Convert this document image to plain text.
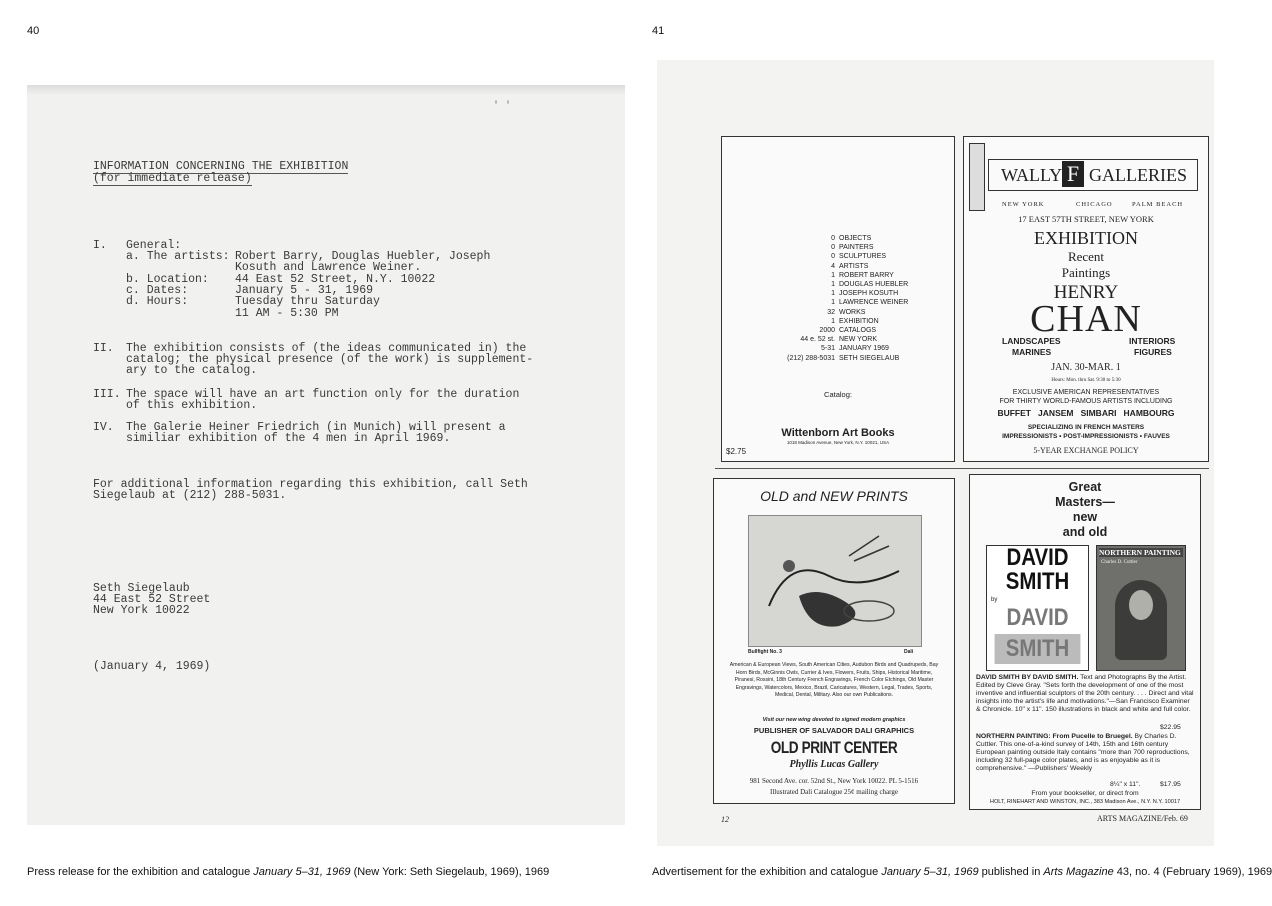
40	41
' '
INFORMATION CONCERNING THE EXHIBITION
(for immediate release)
I. General:
a. The artists: Robert Barry, Douglas Huebler, Joseph
Kosuth and Lawrence Weiner.
b. Location: 44 East 52 Street, N.Y. 10022
c. Dates:	January 5 - 31, 1969
d. Hours:	Tuesday thru Saturday
11 AM - 5:30 PM
II. The exhibition consists of (the ideas communicated in) the
catalog; the physical presence (of the work) is supplement-
ary to the catalog.
III. The space will have an art function only for the duration
of this exhibition.
IV. The Galerie Heiner Friedrich (in Munich) will present a
similiar exhibition of the 4 men in April 1969.
For additional information regarding this exhibition, call Seth
Siegelaub at (212) 288-5031.
Seth Siegelaub
44 East 52 Street
New York 10022
(January 4, 1969)
0 OBJECTS
0 PAINTERS
0 SCULPTURES
4 ARTISTS
1 ROBERT BARRY
1 DOUGLAS HUEBLER
1 JOSEPH KOSUTH
1 LAWRENCE WEINER
32 WORKS
1 EXHIBITION
2000 CATALOGS
44 e. 52 st. NEW YORK
5-31 JANUARY 1969
(212) 288-5031 SETH SIEGELAUB
Catalog:
Wittenborn Art Books
1018 Madison Avenue, New York, N.Y. 10021, USA
$2.75
WALLY F GALLERIES
NEW YORK	CHICAGO	PALM BEACH
17 EAST 57TH STREET, NEW YORK
EXHIBITION
Recent
Paintings
HENRY
CHAN
LANDSCAPES	INTERIORS
MARINES	FIGURES
JAN. 30-MAR. 1
Hours: Mon. thru Sat. 9:30 to 5:30
EXCLUSIVE AMERICAN REPRESENTATIVES
FOR THIRTY WORLD-FAMOUS ARTISTS INCLUDING
BUFFET   JANSEM   SIMBARI   HAMBOURG
SPECIALIZING IN FRENCH MASTERS
IMPRESSIONISTS • POST-IMPRESSIONISTS • FAUVES
5-YEAR EXCHANGE POLICY
OLD and NEW PRINTS
Bullfight No. 3	Dali
American & European Views, South American Cities, Audubon Birds and Quadrupeds, Bay Horn Birds, McGinnis Owls, Currier & Ives, Flowers, Fruits, Ships, Historical Maritime, Piranesi, Rossini, 18th Century French Engravings, French Color Etchings, Old Master Engravings, Watercolors, Mexico, Brazil, Caricatures, Western, Legal, Trades, Sports, Medical, Dental, Military. Also our own Publications.
Visit our new wing devoted to signed modern graphics
PUBLISHER OF SALVADOR DALI GRAPHICS
OLD PRINT CENTER
Phyllis Lucas Gallery
981 Second Ave. cor. 52nd St., New York 10022. PL 5-1516
Illustrated Dali Catalogue 25¢ mailing charge
Great
Masters—
new
and old
DAVID
SMITH
by
DAVID
SMITH
NORTHERN PAINTING
Charles D. Cuttler
DAVID SMITH BY DAVID SMITH. Text and Photographs By the Artist. Edited by Cleve Gray. "Sets forth the development of one of the most inventive and influential sculptors of the 20th century. . . . Direct and vital insights into the artist's life and motivations."—San Francisco Examiner & Chronicle. 10" x 11". 150 illustrations in black and white and full color.
$22.95
NORTHERN PAINTING: From Pucelle to Bruegel. By Charles D. Cuttler. This one-of-a-kind survey of 14th, 15th and 16th century European painting outside Italy contains "more than 700 reproductions, including 32 full-page color plates, and is as enjoyable as it is comprehensive." —Publishers' Weekly
8¼" x 11".	$17.95
From your bookseller, or direct from
HOLT, RINEHART AND WINSTON, INC., 383 Madison Ave., N.Y. N.Y. 10017
12	ARTS MAGAZINE/Feb. 69
Press release for the exhibition and catalogue January 5–31, 1969 (New York: Seth Siegelaub, 1969), 1969	Advertisement for the exhibition and catalogue January 5–31, 1969 published in Arts Magazine 43, no. 4 (February 1969), 1969
